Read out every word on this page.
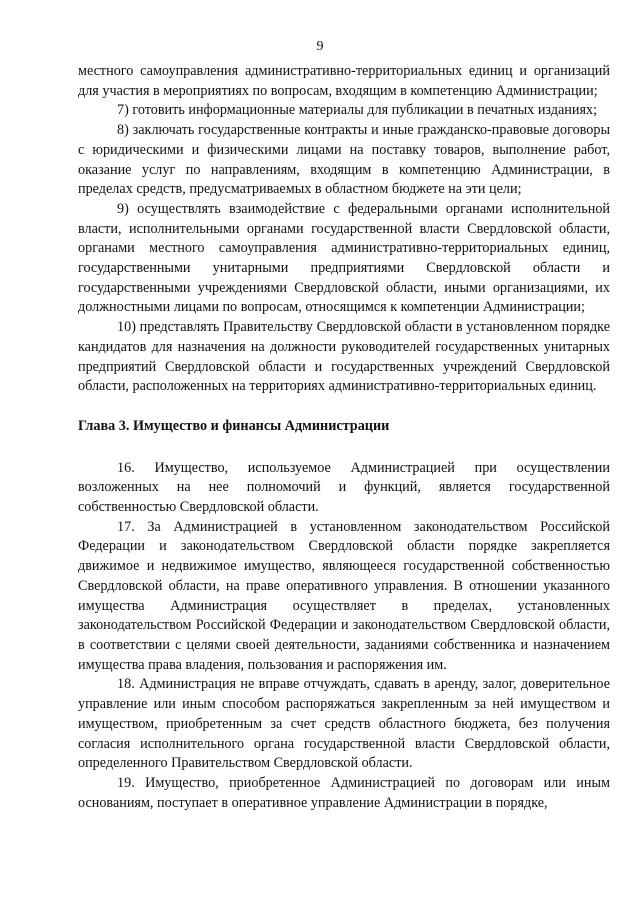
9

местного самоуправления административно-территориальных единиц и организаций для участия в мероприятиях по вопросам, входящим в компетенцию Администрации;

7) готовить информационные материалы для публикации в печатных изданиях;

8) заключать государственные контракты и иные гражданско-правовые договоры с юридическими и физическими лицами на поставку товаров, выполнение работ, оказание услуг по направлениям, входящим в компетенцию Администрации, в пределах средств, предусматриваемых в областном бюджете на эти цели;

9) осуществлять взаимодействие с федеральными органами исполнительной власти, исполнительными органами государственной власти Свердловской области, органами местного самоуправления административно-территориальных единиц, государственными унитарными предприятиями Свердловской области и государственными учреждениями Свердловской области, иными организациями, их должностными лицами по вопросам, относящимся к компетенции Администрации;

10) представлять Правительству Свердловской области в установленном порядке кандидатов для назначения на должности руководителей государственных унитарных предприятий Свердловской области и государственных учреждений Свердловской области, расположенных на территориях административно-территориальных единиц.

Глава 3. Имущество и финансы Администрации

16. Имущество, используемое Администрацией при осуществлении возложенных на нее полномочий и функций, является государственной собственностью Свердловской области.

17. За Администрацией в установленном законодательством Российской Федерации и законодательством Свердловской области порядке закрепляется движимое и недвижимое имущество, являющееся государственной собственностью Свердловской области, на праве оперативного управления. В отношении указанного имущества Администрация осуществляет в пределах, установленных законодательством Российской Федерации и законодательством Свердловской области, в соответствии с целями своей деятельности, заданиями собственника и назначением имущества права владения, пользования и распоряжения им.

18. Администрация не вправе отчуждать, сдавать в аренду, залог, доверительное управление или иным способом распоряжаться закрепленным за ней имуществом и имуществом, приобретенным за счет средств областного бюджета, без получения согласия исполнительного органа государственной власти Свердловской области, определенного Правительством Свердловской области.

19. Имущество, приобретенное Администрацией по договорам или иным основаниям, поступает в оперативное управление Администрации в порядке,
